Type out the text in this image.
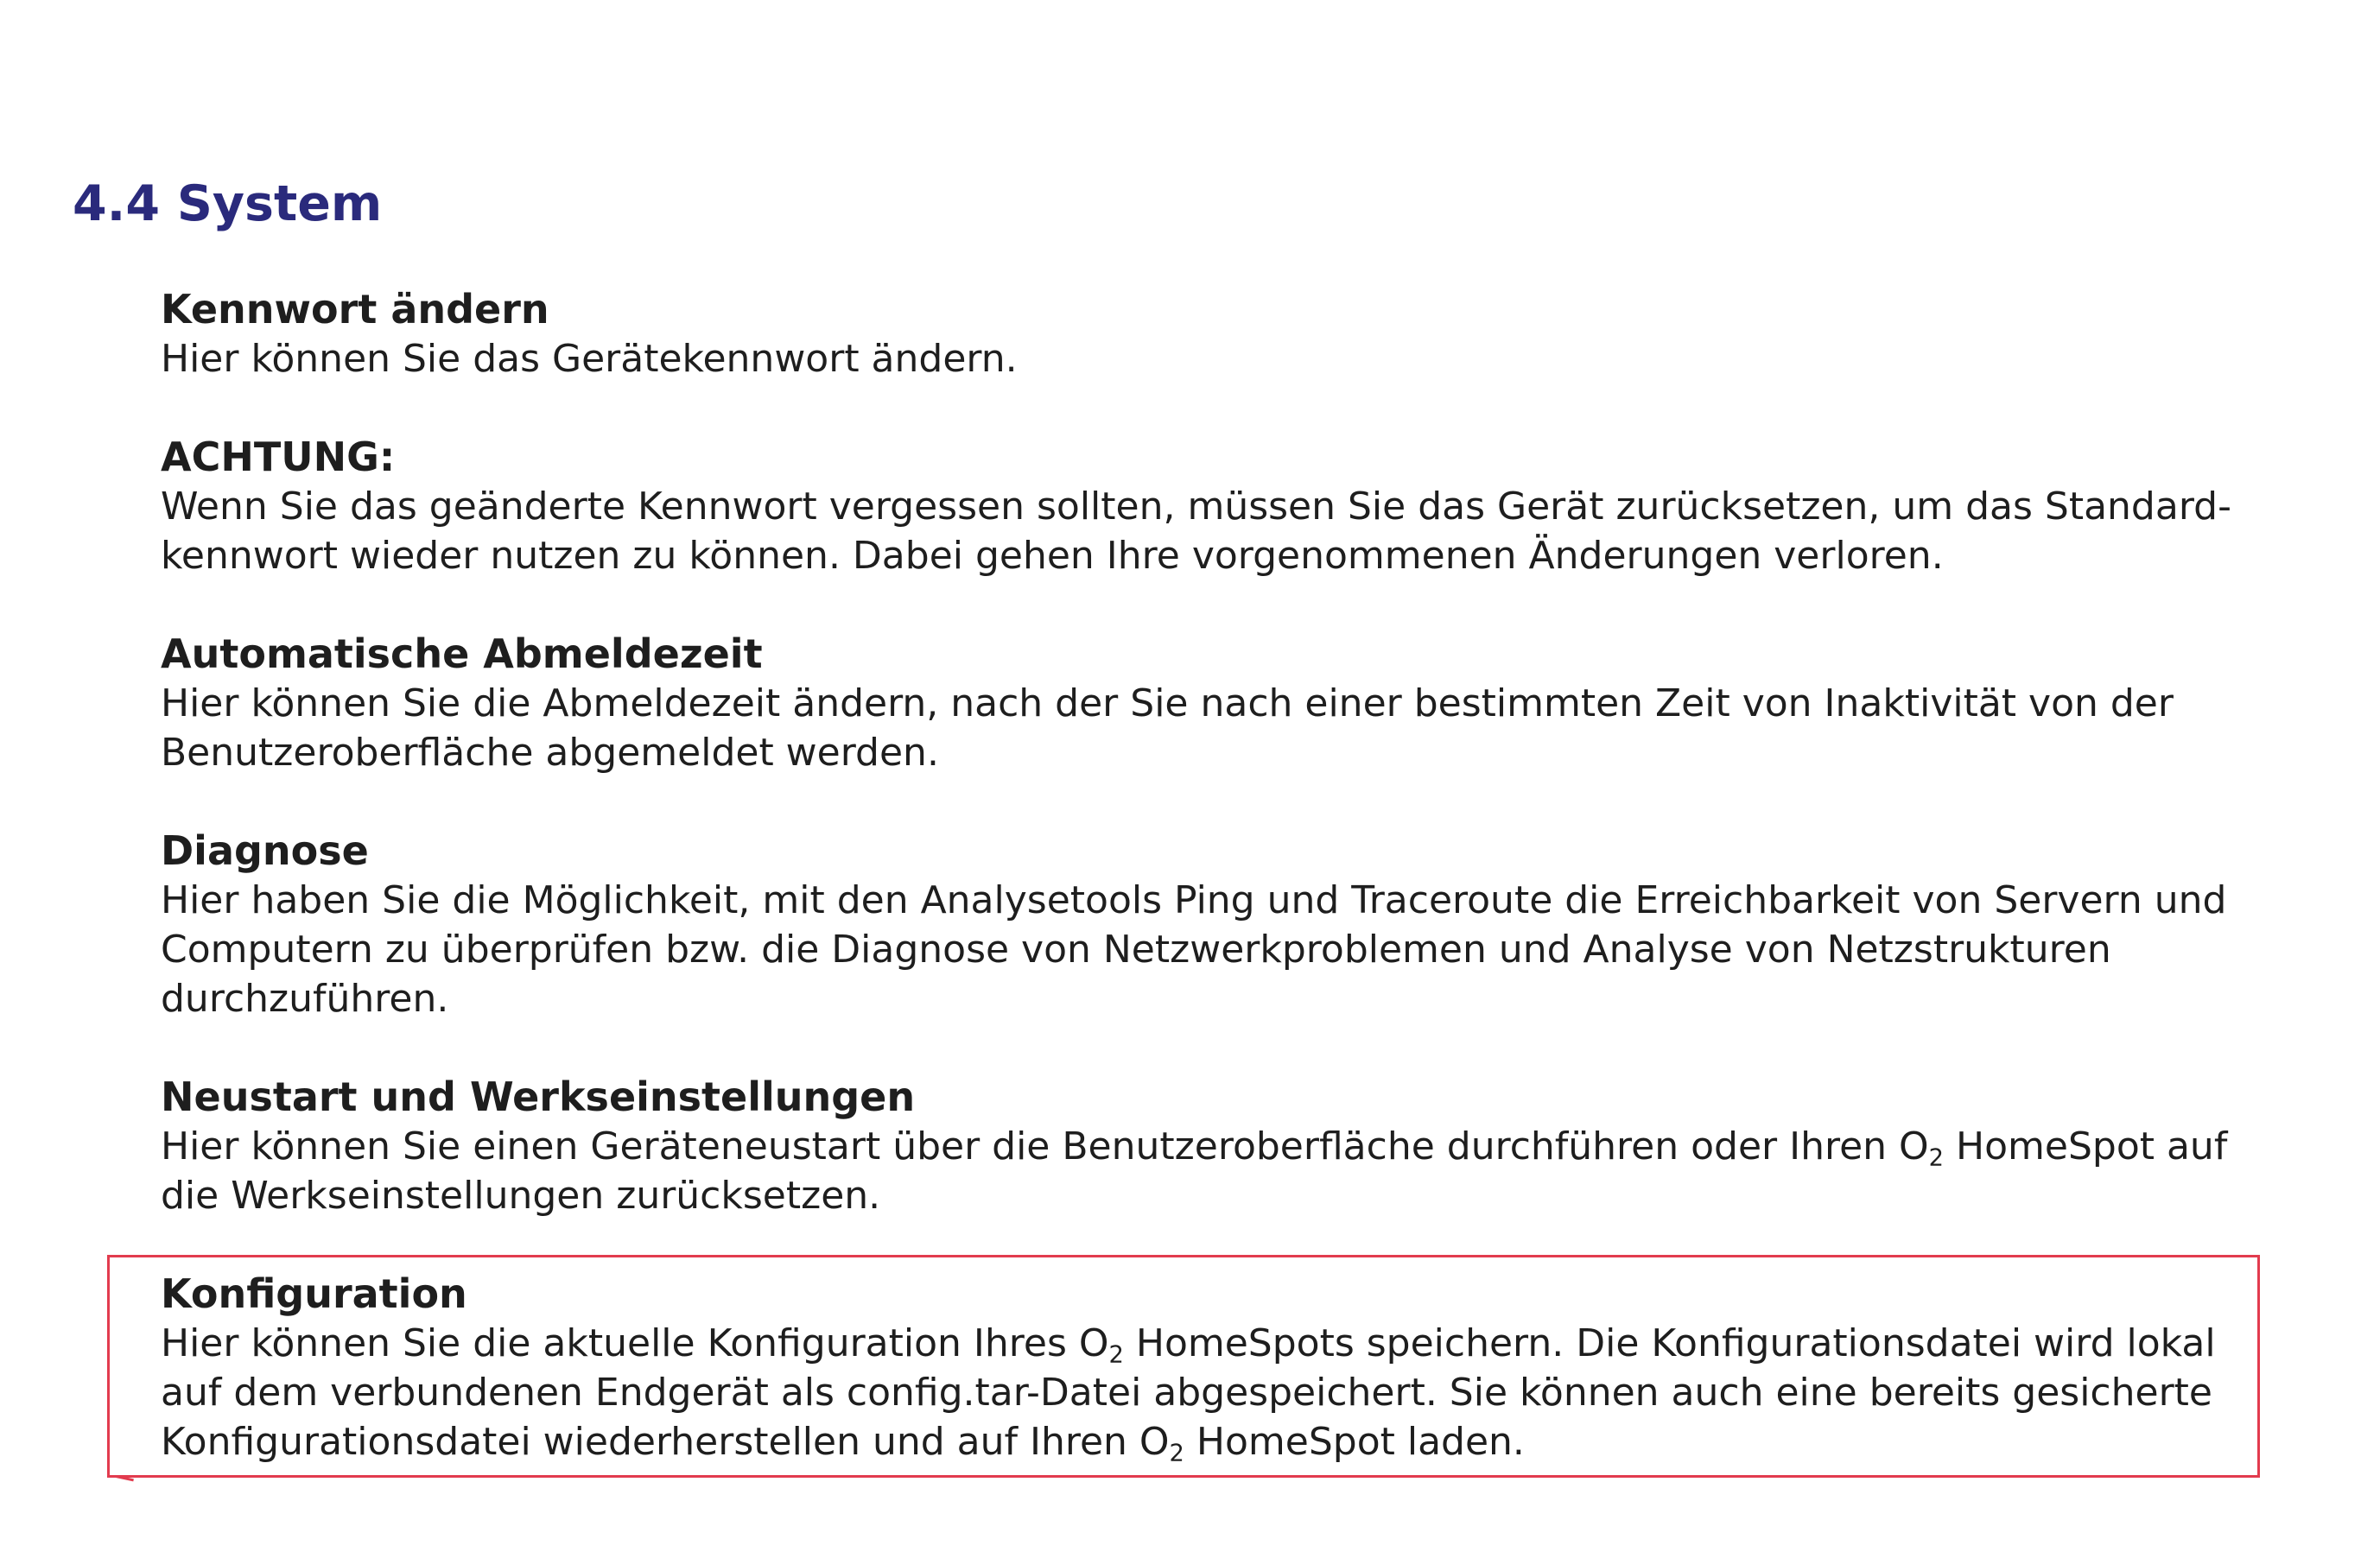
4.4 System

Kennwort ändern

Hier können Sie das Gerätekennwort ändern.

ACHTUNG:

Wenn Sie das geänderte Kennwort vergessen sollten, müssen Sie das Gerät zurücksetzen, um das Standard-
kennwort wieder nutzen zu können. Dabei gehen Ihre vorgenommenen Änderungen verloren.

Automatische Abmeldezeit

Hier können Sie die Abmeldezeit ändern, nach der Sie nach einer bestimmten Zeit von Inaktivität von der
Benutzeroberfläche abgemeldet werden.

Diagnose

Hier haben Sie die Möglichkeit, mit den Analysetools Ping und Traceroute die Erreichbarkeit von Servern und
Computern zu überprüfen bzw. die Diagnose von Netzwerkproblemen und Analyse von Netzstrukturen
durchzuführen.

Neustart und Werkseinstellungen

Hier können Sie einen Geräteneustart über die Benutzeroberfläche durchführen oder Ihren $O_2$ HomeSpot auf
die Werkseinstellungen zurücksetzen.

Konfiguration

Hier können Sie die aktuelle Konfiguration Ihres $O_2$ HomeSpots speichern. Die Konfigurationsdatei wird lokal
auf dem verbundenen Endgerät als config.tar-Datei abgespeichert. Sie können auch eine bereits gesicherte
Konfigurationsdatei wiederherstellen und auf Ihren $O_2$ HomeSpot laden.
